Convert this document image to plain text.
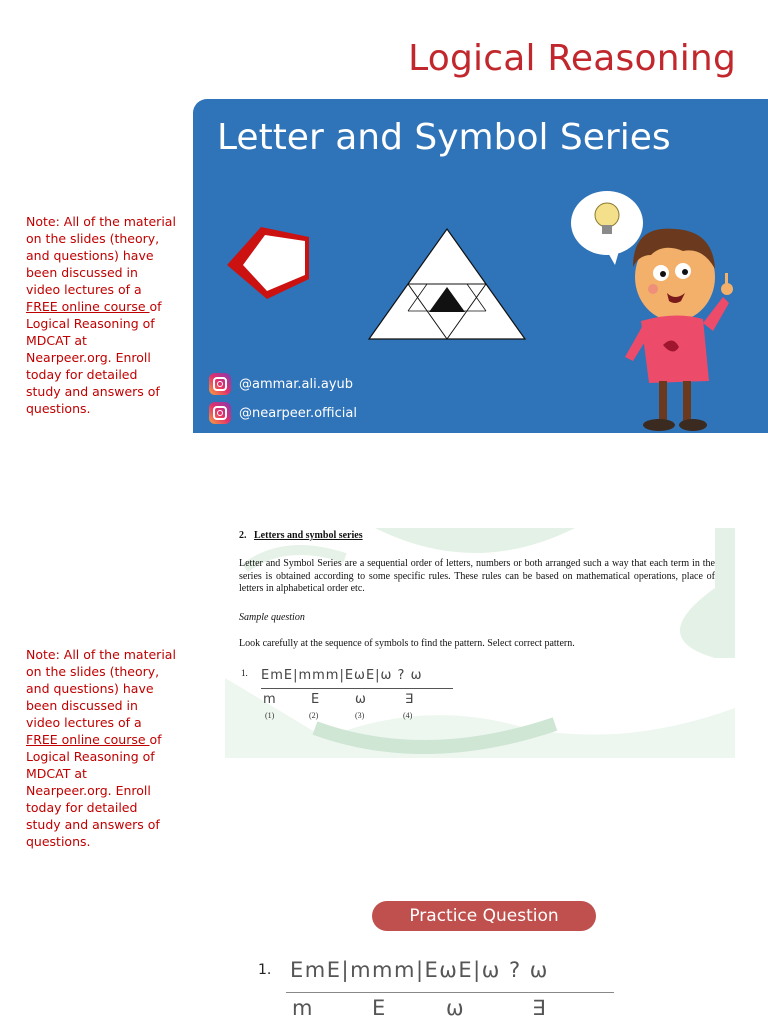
Logical Reasoning
Letter and Symbol Series
@ammar.ali.ayub
@nearpeer.official
Note: All of the material on the slides (theory, and questions) have been discussed in video lectures of a FREE online course of Logical Reasoning of MDCAT at Nearpeer.org. Enroll today for detailed study and answers of questions.
Note: All of the material on the slides (theory, and questions) have been discussed in video lectures of a FREE online course of Logical Reasoning of MDCAT at Nearpeer.org. Enroll today for detailed study and answers of questions.
2. Letters and symbol series
Letter and Symbol Series are a sequential order of letters, numbers or both arranged such a way that each term in the series is obtained according to some specific rules. These rules can be based on mathematical operations, place of letters in alphabetical order etc.
Sample question
Look carefully at the sequence of symbols to find the pattern. Select correct pattern.
1. EmE|mmm|EωE|ω ? ω
m	E	ω	∃
(1)	(2)	(3)	(4)
Practice Question
1. EmE|mmm|EωE|ω ? ω
m	E	ω	∃
